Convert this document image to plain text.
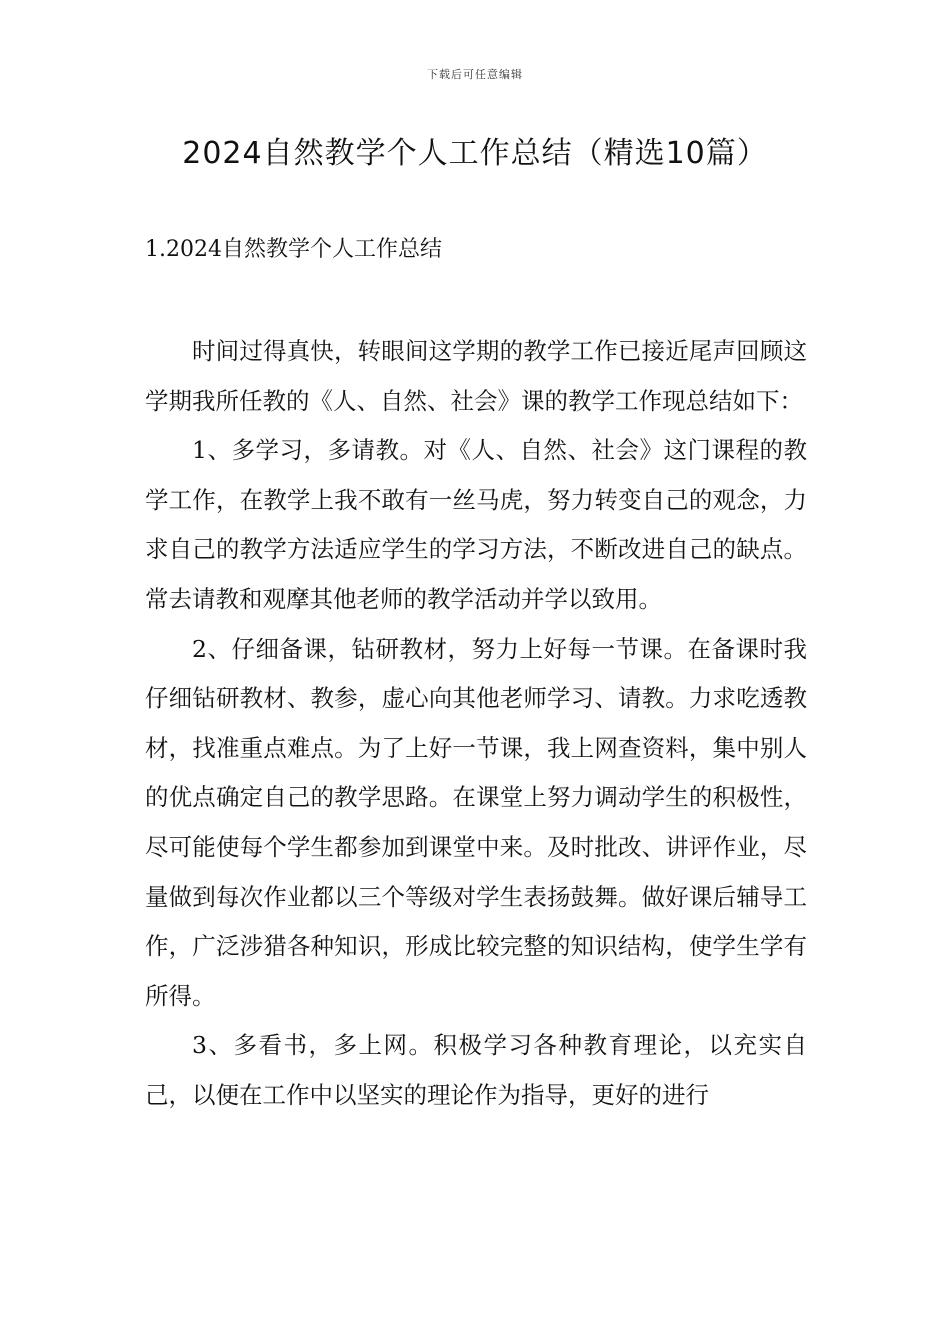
下载后可任意编辑
2024自然教学个人工作总结（精选10篇）
1.2024自然教学个人工作总结

时间过得真快，转眼间这学期的教学工作已接近尾声回顾这学期我所任教的《人、自然、社会》课的教学工作现总结如下：

1、多学习，多请教。对《人、自然、社会》这门课程的教学工作，在教学上我不敢有一丝马虎，努力转变自己的观念，力求自己的教学方法适应学生的学习方法，不断改进自己的缺点。常去请教和观摩其他老师的教学活动并学以致用。

2、仔细备课，钻研教材，努力上好每一节课。在备课时我仔细钻研教材、教参，虚心向其他老师学习、请教。力求吃透教材，找准重点难点。为了上好一节课，我上网查资料，集中别人的优点确定自己的教学思路。在课堂上努力调动学生的积极性，尽可能使每个学生都参加到课堂中来。及时批改、讲评作业，尽量做到每次作业都以三个等级对学生表扬鼓舞。做好课后辅导工作，广泛涉猎各种知识，形成比较完整的知识结构，使学生学有所得。

3、多看书，多上网。积极学习各种教育理论，以充实自己，以便在工作中以坚实的理论作为指导，更好的进行
